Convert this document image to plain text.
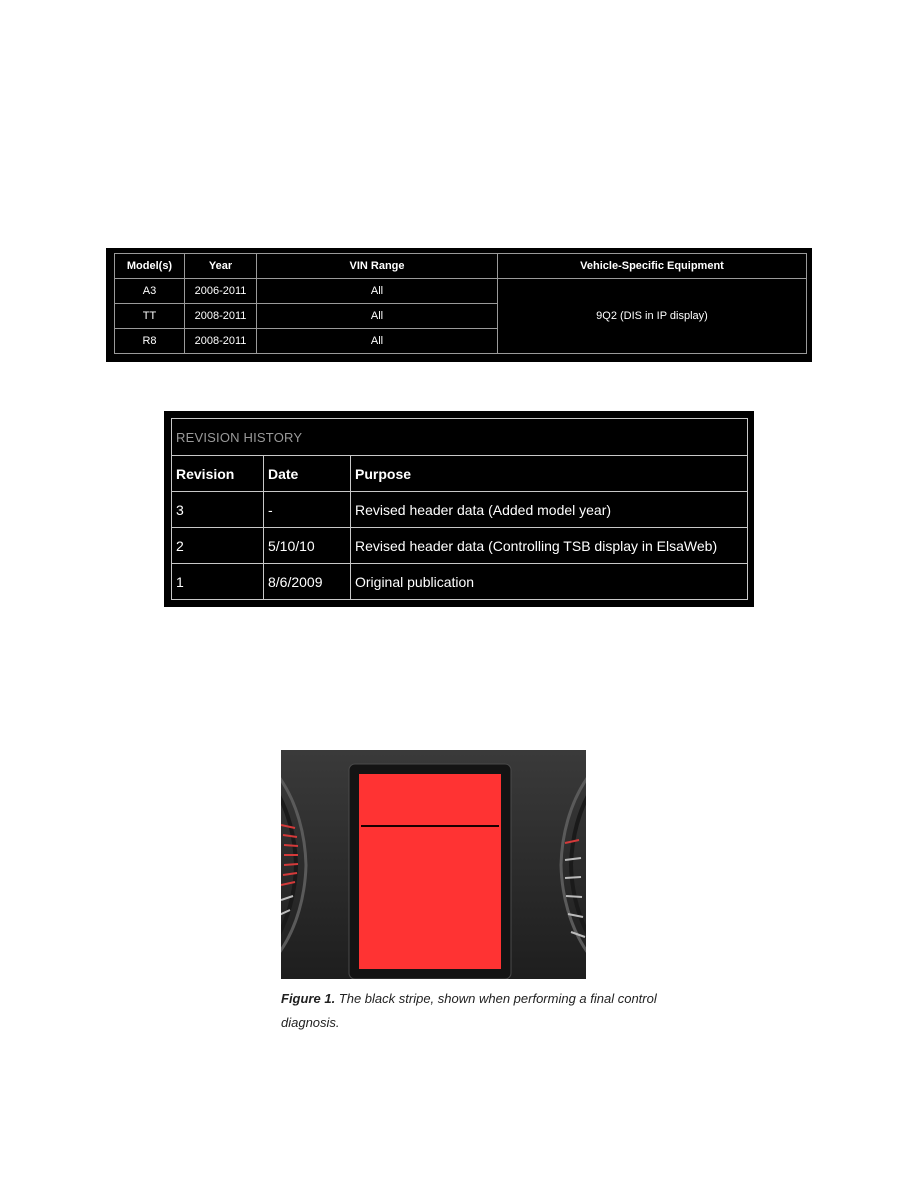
Model(s)	Year	VIN Range	Vehicle-Specific Equipment
A3	2006-2011	All	9Q2 (DIS in IP display)
TT	2008-2011	All	
R8	2008-2011	All	
REVISION HISTORY		
Revision	Date	Purpose
3	-	Revised header data (Added model year)
2	5/10/10	Revised header data (Controlling TSB display in ElsaWeb)
1	8/6/2009	Original publication
Figure 1. The black stripe, shown when performing a final control diagnosis.
